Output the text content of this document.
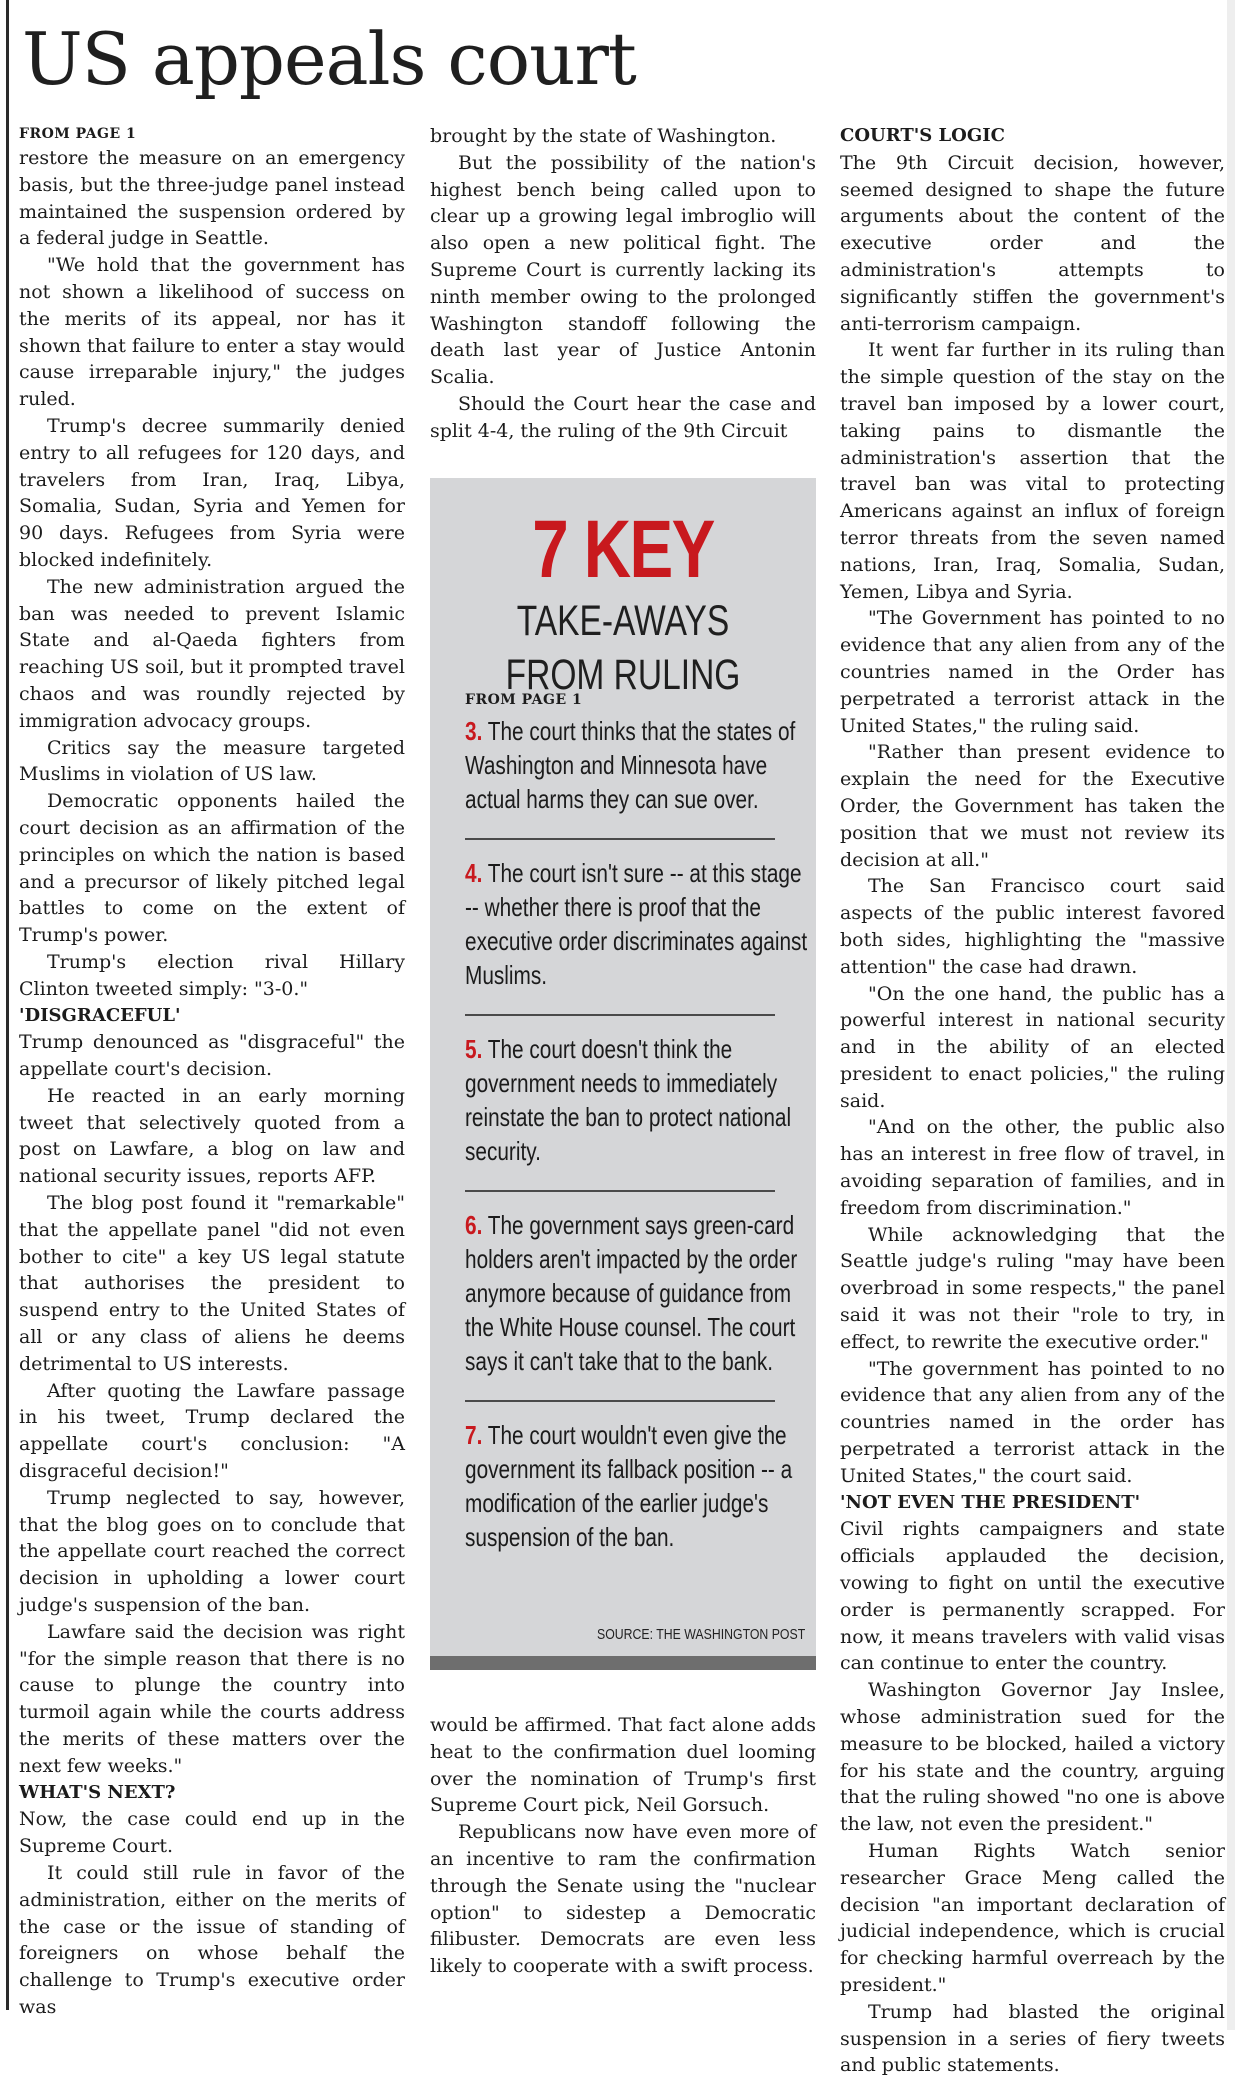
US appeals court
FROM PAGE 1

restore the measure on an emergency basis, but the three-judge panel instead maintained the suspension ordered by a federal judge in Seattle.

"We hold that the government has not shown a likelihood of success on the merits of its appeal, nor has it shown that failure to enter a stay would cause irreparable injury," the judges ruled.

Trump's decree summarily denied entry to all refugees for 120 days, and travelers from Iran, Iraq, Libya, Somalia, Sudan, Syria and Yemen for 90 days. Refugees from Syria were blocked indefinitely.

The new administration argued the ban was needed to prevent Islamic State and al-Qaeda fighters from reaching US soil, but it prompted travel chaos and was roundly rejected by immigration advocacy groups.

Critics say the measure targeted Muslims in violation of US law.

Democratic opponents hailed the court decision as an affirmation of the principles on which the nation is based and a precursor of likely pitched legal battles to come on the extent of Trump's power.

Trump's election rival Hillary Clinton tweeted simply: "3-0."

'DISGRACEFUL'

Trump denounced as "disgraceful" the appellate court's decision.

He reacted in an early morning tweet that selectively quoted from a post on Lawfare, a blog on law and national security issues, reports AFP.

The blog post found it "remarkable" that the appellate panel "did not even bother to cite" a key US legal statute that authorises the president to suspend entry to the United States of all or any class of aliens he deems detrimental to US interests.

After quoting the Lawfare passage in his tweet, Trump declared the appellate court's conclusion: "A disgraceful decision!"

Trump neglected to say, however, that the blog goes on to conclude that the appellate court reached the correct decision in upholding a lower court judge's suspension of the ban.

Lawfare said the decision was right "for the simple reason that there is no cause to plunge the country into turmoil again while the courts address the merits of these matters over the next few weeks."

WHAT'S NEXT?

Now, the case could end up in the Supreme Court.

It could still rule in favor of the administration, either on the merits of the case or the issue of standing of foreigners on whose behalf the challenge to Trump's executive order was

brought by the state of Washington.

But the possibility of the nation's highest bench being called upon to clear up a growing legal imbroglio will also open a new political fight. The Supreme Court is currently lacking its ninth member owing to the prolonged Washington standoff following the death last year of Justice Antonin Scalia.

Should the Court hear the case and split 4-4, the ruling of the 9th Circuit

7 KEY
TAKE-AWAYS
FROM RULING
FROM PAGE 1
3. The court thinks that the states of Washington and Minnesota have actual harms they can sue over.
4. The court isn't sure -- at this stage -- whether there is proof that the executive order discriminates against Muslims.
5. The court doesn't think the government needs to immediately reinstate the ban to protect national security.
6. The government says green-card holders aren't impacted by the order anymore because of guidance from the White House counsel. The court says it can't take that to the bank.
7. The court wouldn't even give the government its fallback position -- a modification of the earlier judge's suspension of the ban.
SOURCE: THE WASHINGTON POST

would be affirmed. That fact alone adds heat to the confirmation duel looming over the nomination of Trump's first Supreme Court pick, Neil Gorsuch.

Republicans now have even more of an incentive to ram the confirmation through the Senate using the "nuclear option" to sidestep a Democratic filibuster. Democrats are even less likely to cooperate with a swift process.

COURT'S LOGIC

The 9th Circuit decision, however, seemed designed to shape the future arguments about the content of the executive order and the administration's attempts to significantly stiffen the government's anti-terrorism campaign.

It went far further in its ruling than the simple question of the stay on the travel ban imposed by a lower court, taking pains to dismantle the administration's assertion that the travel ban was vital to protecting Americans against an influx of foreign terror threats from the seven named nations, Iran, Iraq, Somalia, Sudan, Yemen, Libya and Syria.

"The Government has pointed to no evidence that any alien from any of the countries named in the Order has perpetrated a terrorist attack in the United States," the ruling said.

"Rather than present evidence to explain the need for the Executive Order, the Government has taken the position that we must not review its decision at all."

The San Francisco court said aspects of the public interest favored both sides, highlighting the "massive attention" the case had drawn.

"On the one hand, the public has a powerful interest in national security and in the ability of an elected president to enact policies," the ruling said.

"And on the other, the public also has an interest in free flow of travel, in avoiding separation of families, and in freedom from discrimination."

While acknowledging that the Seattle judge's ruling "may have been overbroad in some respects," the panel said it was not their "role to try, in effect, to rewrite the executive order."

"The government has pointed to no evidence that any alien from any of the countries named in the order has perpetrated a terrorist attack in the United States," the court said.

'NOT EVEN THE PRESIDENT'

Civil rights campaigners and state officials applauded the decision, vowing to fight on until the executive order is permanently scrapped. For now, it means travelers with valid visas can continue to enter the country.

Washington Governor Jay Inslee, whose administration sued for the measure to be blocked, hailed a victory for his state and the country, arguing that the ruling showed "no one is above the law, not even the president."

Human Rights Watch senior researcher Grace Meng called the decision "an important declaration of judicial independence, which is crucial for checking harmful overreach by the president."

Trump had blasted the original suspension in a series of fiery tweets and public statements.
